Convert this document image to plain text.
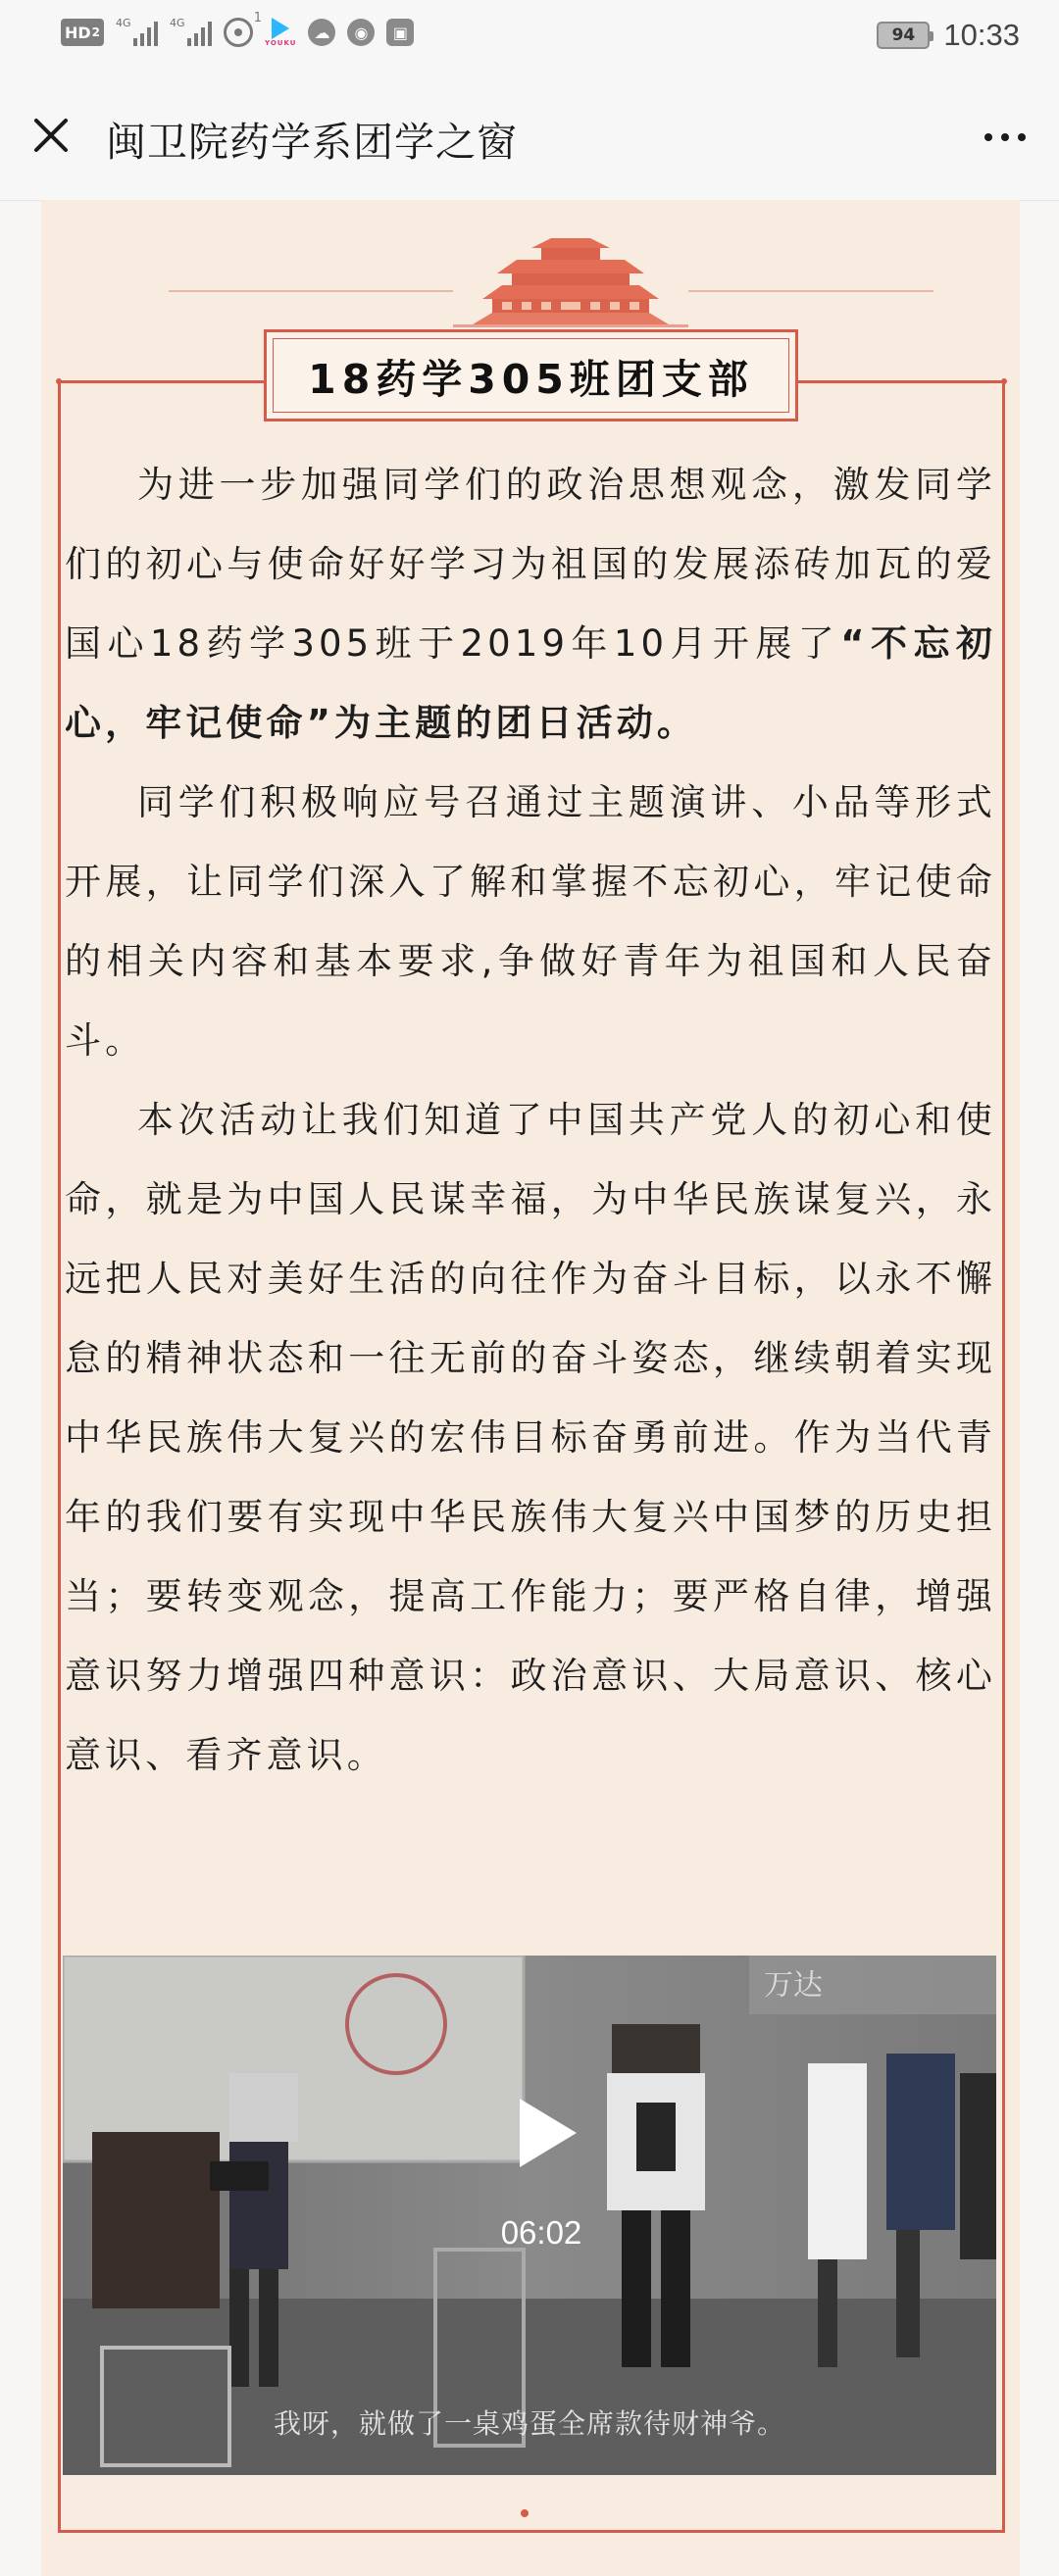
HD 2
4G	4G	1
YOUKU
☁	◉	▣	94 10:33
闽卫院药学系团学之窗
18药学305班团支部

为进一步加强同学们的政治思想观念，激发同学们的初心与使命好好学习为祖国的发展添砖加瓦的爱国心18药学305班于2019年10月开展了“不忘初心，牢记使命”为主题的团日活动。

同学们积极响应号召通过主题演讲、小品等形式开展，让同学们深入了解和掌握不忘初心，牢记使命的相关内容和基本要求,争做好青年为祖国和人民奋斗。

本次活动让我们知道了中国共产党人的初心和使命，就是为中国人民谋幸福，为中华民族谋复兴，永远把人民对美好生活的向往作为奋斗目标，以永不懈怠的精神状态和一往无前的奋斗姿态，继续朝着实现中华民族伟大复兴的宏伟目标奋勇前进。作为当代青年的我们要有实现中华民族伟大复兴中国梦的历史担当；要转变观念，提高工作能力；要严格自律，增强意识努力增强四种意识：政治意识、大局意识、核心意识、看齐意识。

万达
06:02
我呀，就做了一桌鸡蛋全席款待财神爷。
